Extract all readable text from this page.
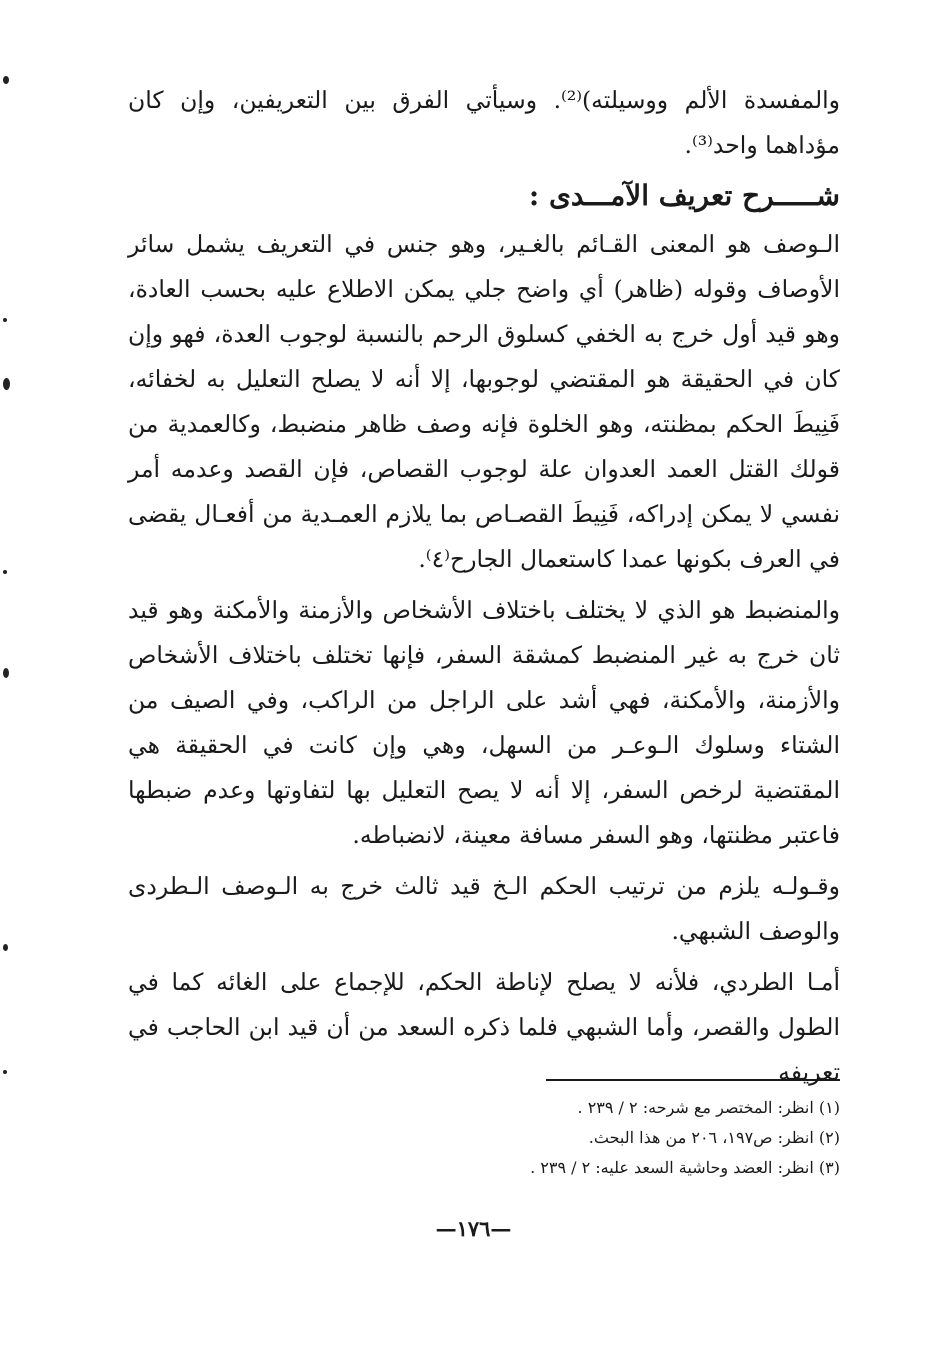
والمفسدة الألم ووسيلته)⁽²⁾. وسيأتي الفرق بين التعريفين، وإن كان مؤداهما واحد⁽³⁾.

شـــــرح تعريف الآمـــدى :

الـوصف هو المعنى القـائم بالغـير، وهو جنس في التعريف يشمل سائر الأوصاف وقوله (ظاهر) أي واضح جلي يمكن الاطلاع عليه بحسب العادة، وهو قيد أول خرج به الخفي كسلوق الرحم بالنسبة لوجوب العدة، فهو وإن كان في الحقيقة هو المقتضي لوجوبها، إلا أنه لا يصلح التعليل به لخفائه، فَنِيطَ الحكم بمظنته، وهو الخلوة فإنه وصف ظاهر منضبط، وكالعمدية من قولك القتل العمد العدوان علة لوجوب القصاص، فإن القصد وعدمه أمر نفسي لا يمكن إدراكه، فَنِيطَ القصـاص بما يلازم العمـدية من أفعـال يقضى في العرف بكونها عمدا كاستعمال الجارح⁽٤⁾.

والمنضبط هو الذي لا يختلف باختلاف الأشخاص والأزمنة والأمكنة وهو قيد ثان خرج به غير المنضبط كمشقة السفر، فإنها تختلف باختلاف الأشخاص والأزمنة، والأمكنة، فهي أشد على الراجل من الراكب، وفي الصيف من الشتاء وسلوك الـوعـر من السهل، وهي وإن كانت في الحقيقة هي المقتضية لرخص السفر، إلا أنه لا يصح التعليل بها لتفاوتها وعدم ضبطها فاعتبر مظنتها، وهو السفر مسافة معينة، لانضباطه.

وقـولـه يلزم من ترتيب الحكم الـخ قيد ثالث خرج به الـوصف الـطردى والوصف الشبهي.

أمـا الطردي، فلأنه لا يصلح لإناطة الحكم، للإجماع على الغائه كما في الطول والقصر، وأما الشبهي فلما ذكره السعد من أن قيد ابن الحاجب في تعريفه

(١) انظر: المختصر مع شرحه: ٢ / ٢٣٩ .

(٢) انظر: ص١٩٧، ٢٠٦ من هذا البحث.

(٣) انظر: العضد وحاشية السعد عليه: ٢ / ٢٣٩ .

—١٧٦—
